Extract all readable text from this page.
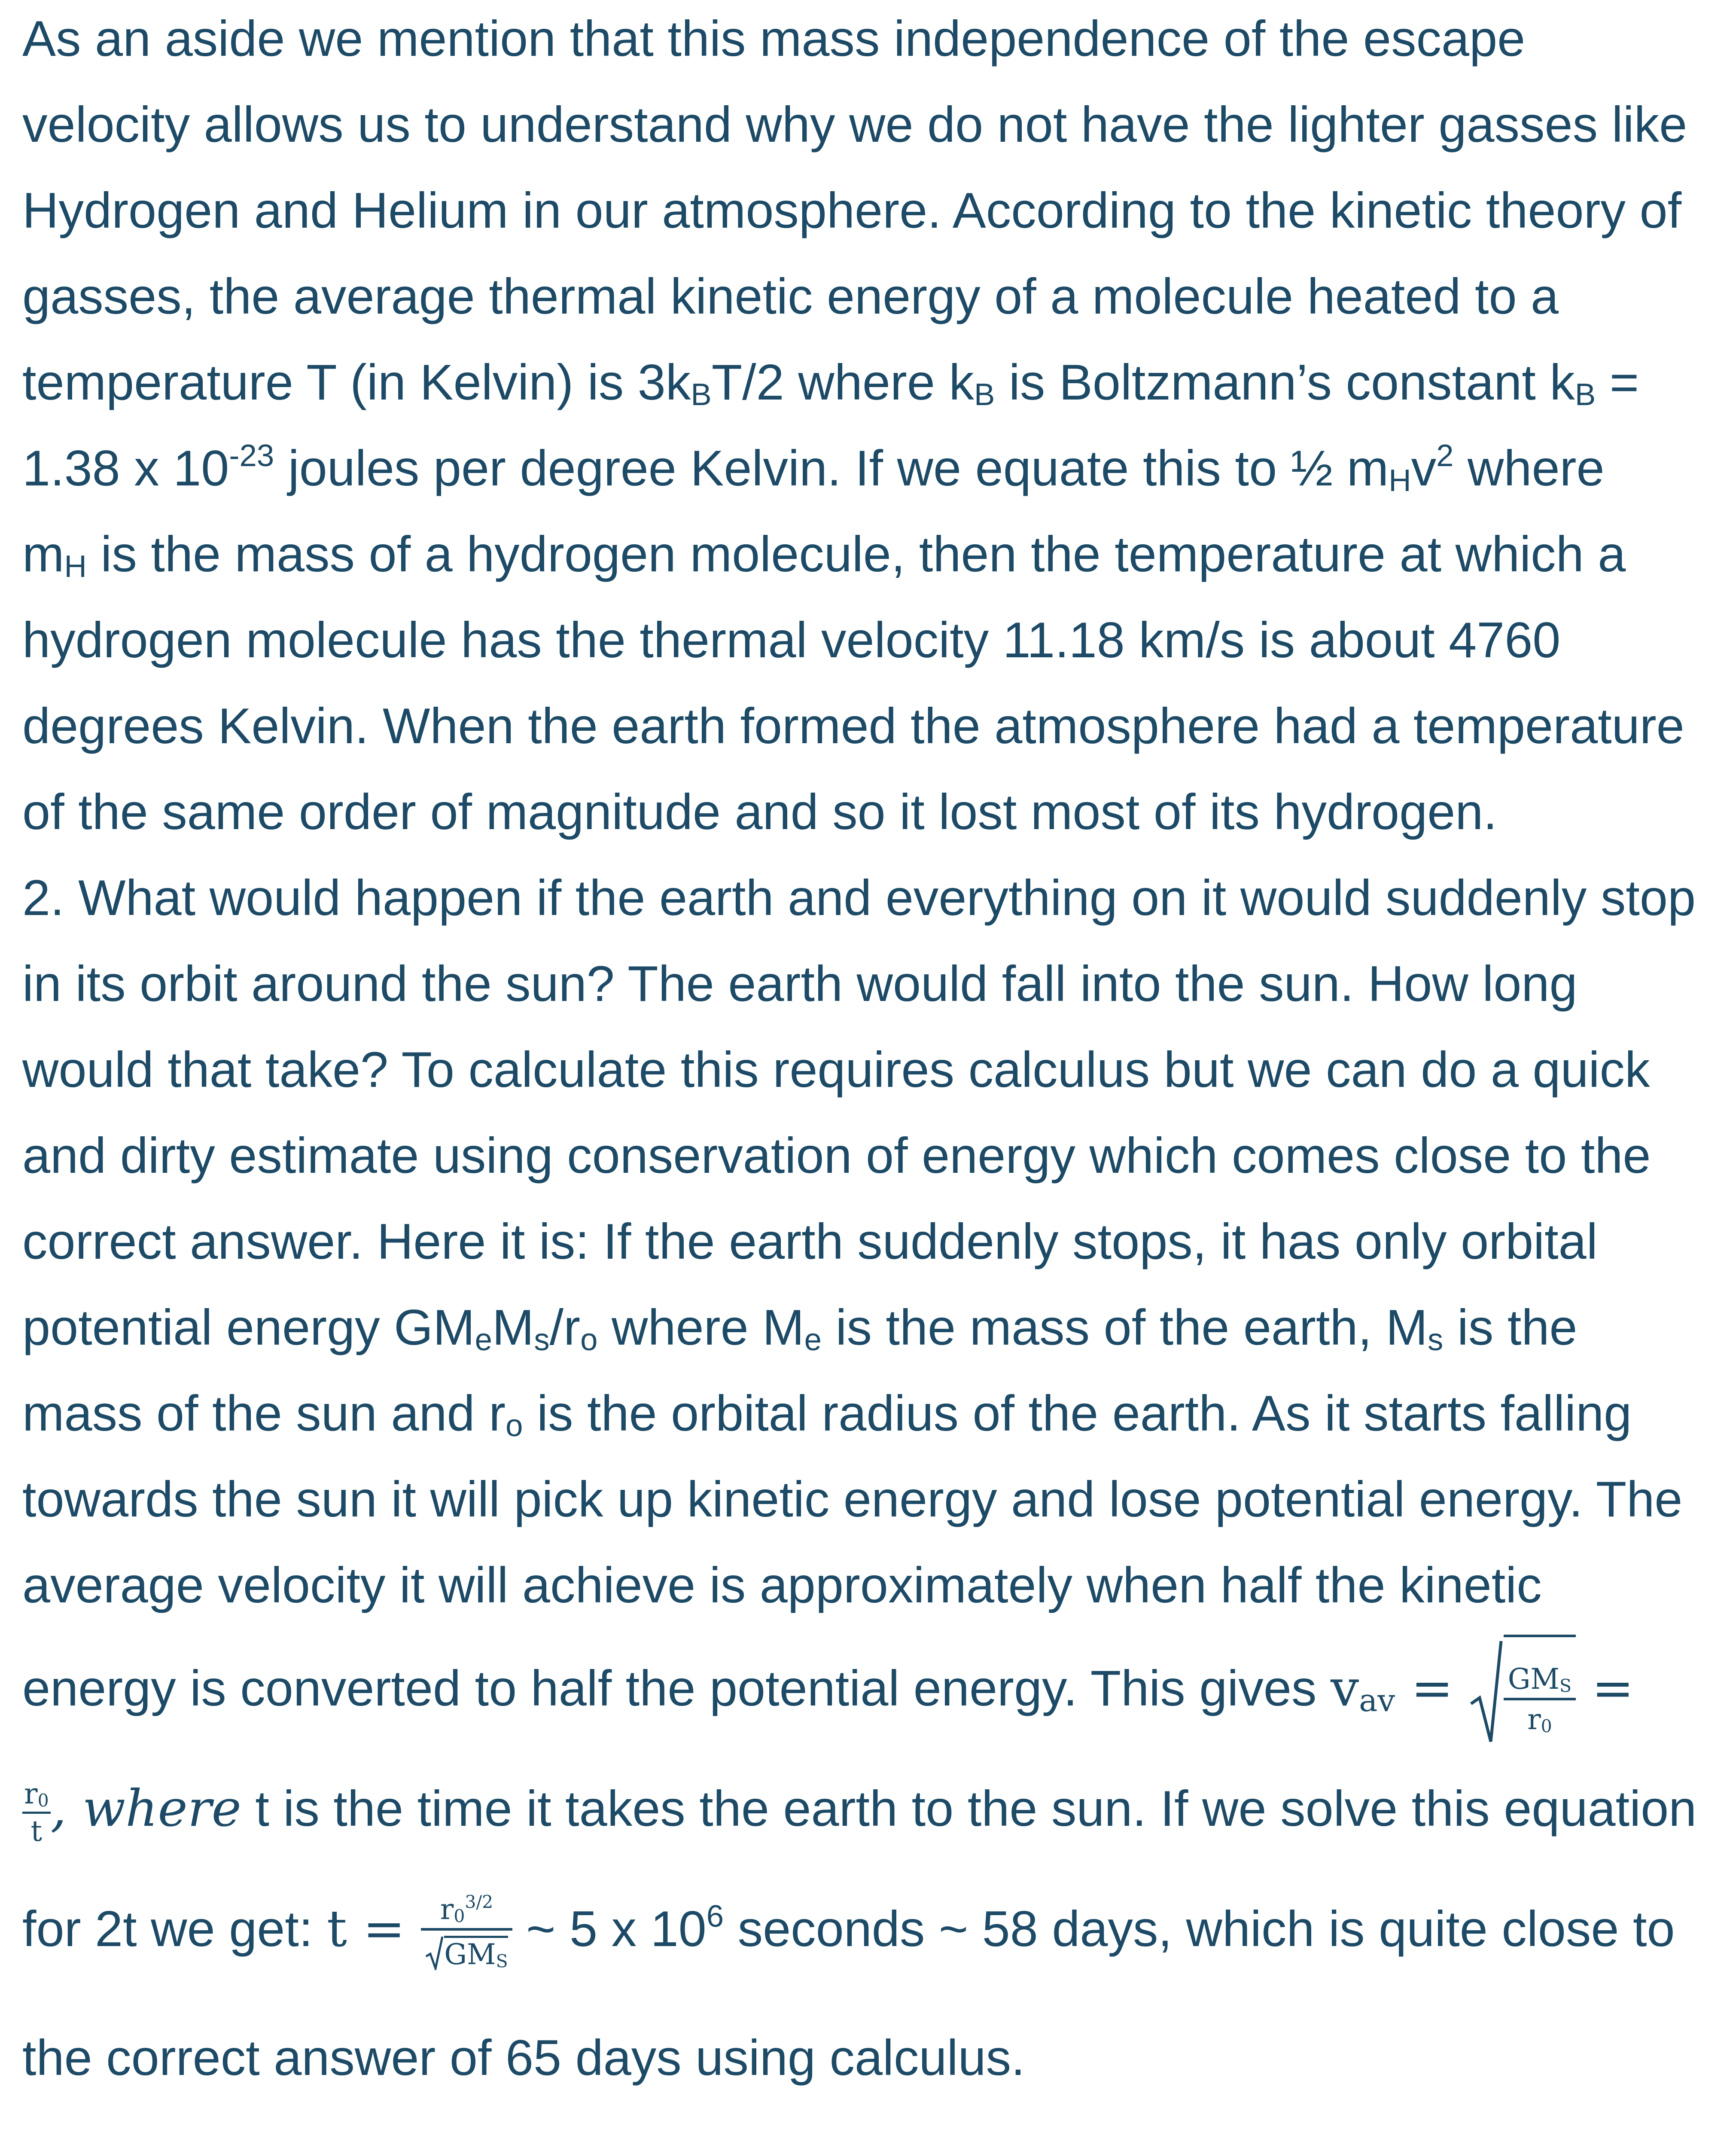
As an aside we mention that this mass independence of the escape
velocity allows us to understand why we do not have the lighter gasses like
Hydrogen and Helium in our atmosphere. According to the kinetic theory of
gasses, the average thermal kinetic energy of a molecule heated to a
temperature T (in Kelvin) is $3k_BT/2$ where $k_B$ is Boltzmann’s constant $k_B$ =
1.38 x $10^{-23}$ joules per degree Kelvin. If we equate this to ½ $m_Hv^2$ where
$m_H$ is the mass of a hydrogen molecule, then the temperature at which a
hydrogen molecule has the thermal velocity 11.18 km/s is about 4760
degrees Kelvin. When the earth formed the atmosphere had a temperature
of the same order of magnitude and so it lost most of its hydrogen.
2. What would happen if the earth and everything on it would suddenly stop
in its orbit around the sun? The earth would fall into the sun. How long
would that take? To calculate this requires calculus but we can do a quick
and dirty estimate using conservation of energy which comes close to the
correct answer. Here it is: If the earth suddenly stops, it has only orbital
potential energy $GM_eM_s/r_o$ where $M_e$ is the mass of the earth, $M_s$ is the
mass of the sun and $r_o$ is the orbital radius of the earth. As it starts falling
towards the sun it will pick up kinetic energy and lose potential energy. The
average velocity it will achieve is approximately when half the kinetic
energy is converted to half the potential energy. This gives $v_{av} = \frac{GM_S}{r_0}$ =
$\frac{r_0}{t}$ , where t is the time it takes the earth to the sun. If we solve this equation
for 2t we get: $t = \frac{r_0^{3/2}}{GM_S}$ ~ 5 x $10^6$ seconds ~ 58 days, which is quite close to
the correct answer of 65 days using calculus.
